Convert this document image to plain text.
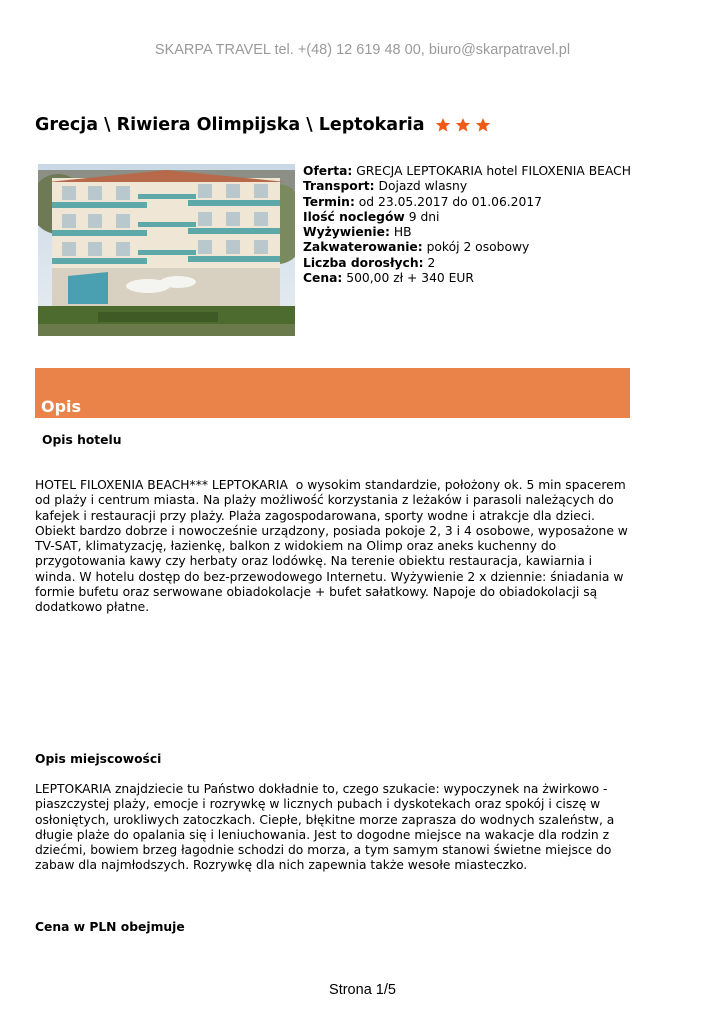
SKARPA TRAVEL tel. +(48) 12 619 48 00, biuro@skarpatravel.pl
Grecja \ Riwiera Olimpijska \ Leptokaria
Oferta: GRECJA LEPTOKARIA hotel FILOXENIA BEACH
Transport: Dojazd wlasny
Termin: od 23.05.2017 do 01.06.2017
Ilość noclegów 9 dni
Wyżywienie: HB
Zakwaterowanie: pokój 2 osobowy
Liczba dorosłych: 2
Cena: 500,00 zł + 340 EUR
Opis
Opis hotelu
HOTEL FILOXENIA BEACH*** LEPTOKARIA  o wysokim standardzie, położony ok. 5 min spacerem
od plaży i centrum miasta. Na plaży możliwość korzystania z leżaków i parasoli należących do
kafejek i restauracji przy plaży. Plaża zagospodarowana, sporty wodne i atrakcje dla dzieci.
Obiekt bardzo dobrze i nowocześnie urządzony, posiada pokoje 2, 3 i 4 osobowe, wyposażone w
TV-SAT, klimatyzację, łazienkę, balkon z widokiem na Olimp oraz aneks kuchenny do
przygotowania kawy czy herbaty oraz lodówkę. Na terenie obiektu restauracja, kawiarnia i
winda. W hotelu dostęp do bez-przewodowego Internetu. Wyżywienie 2 x dziennie: śniadania w
formie bufetu oraz serwowane obiadokolacje + bufet sałatkowy. Napoje do obiadokolacji są
dodatkowo płatne.
Opis miejscowości
LEPTOKARIA znajdziecie tu Państwo dokładnie to, czego szukacie: wypoczynek na żwirkowo -
piaszczystej plaży, emocje i rozrywkę w licznych pubach i dyskotekach oraz spokój i ciszę w
osłoniętych, urokliwych zatoczkach. Ciepłe, błękitne morze zaprasza do wodnych szaleństw, a
długie plaże do opalania się i leniuchowania. Jest to dogodne miejsce na wakacje dla rodzin z
dziećmi, bowiem brzeg łagodnie schodzi do morza, a tym samym stanowi świetne miejsce do
zabaw dla najmłodszych. Rozrywkę dla nich zapewnia także wesołe miasteczko.
Cena w PLN obejmuje
Strona 1/5
